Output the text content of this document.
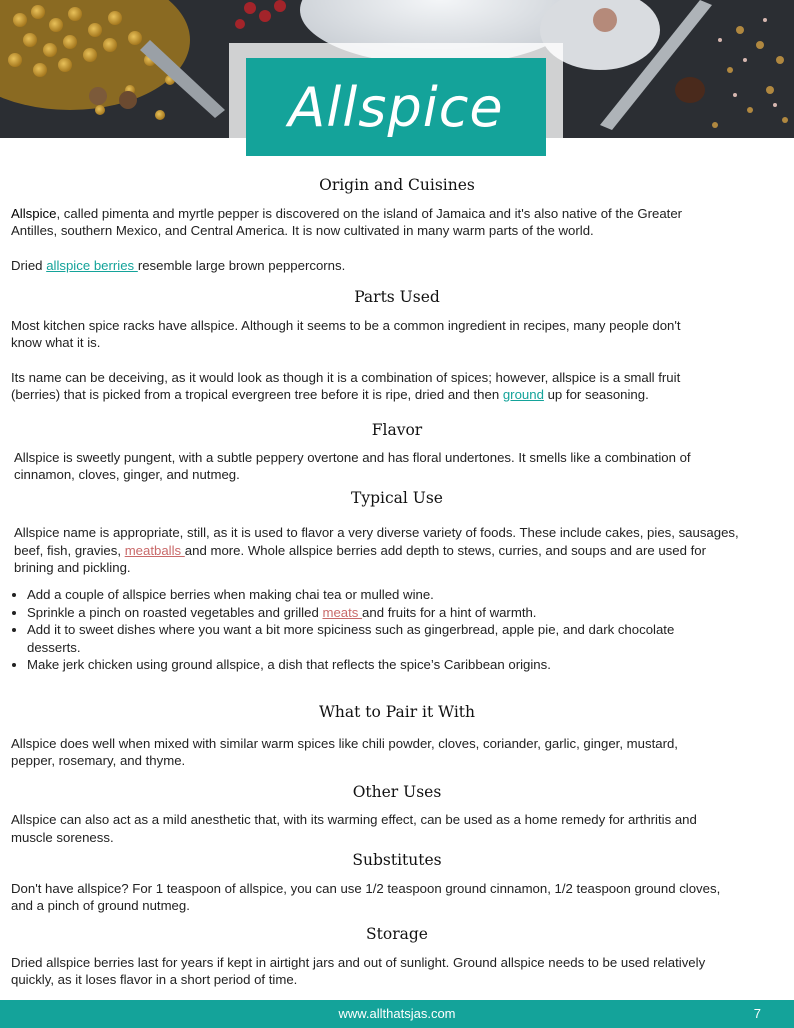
Allspice
Origin and Cuisines

Allspice, called pimenta and myrtle pepper is discovered on the island of Jamaica and it's also native of the Greater

Antilles, southern Mexico, and Central America. It is now cultivated in many warm parts of the world.

Dried allspice berries resemble large brown peppercorns.

Parts Used

Most kitchen spice racks have allspice. Although it seems to be a common ingredient in recipes, many people don't

know what it is.

Its name can be deceiving, as it would look as though it is a combination of spices; however, allspice is a small fruit

(berries) that is picked from a tropical evergreen tree before it is ripe, dried and then ground up for seasoning.

Flavor

Allspice is sweetly pungent, with a subtle peppery overtone and has floral undertones. It smells like a combination of

cinnamon, cloves, ginger, and nutmeg.

Typical Use

Allspice name is appropriate, still, as it is used to flavor a very diverse variety of foods. These include cakes, pies, sausages,

beef, fish, gravies, meatballs and more. Whole allspice berries add depth to stews, curries, and soups and are used for

brining and pickling.

• Add a couple of allspice berries when making chai tea or mulled wine.
• Sprinkle a pinch on roasted vegetables and grilled meats and fruits for a hint of warmth.
• Add it to sweet dishes where you want a bit more spiciness such as gingerbread, apple pie, and dark chocolate
desserts.
• Make jerk chicken using ground allspice, a dish that reflects the spice’s Caribbean origins.
What to Pair it With

Allspice does well when mixed with similar warm spices like chili powder, cloves, coriander, garlic, ginger, mustard,

pepper, rosemary, and thyme.

Other Uses

Allspice can also act as a mild anesthetic that, with its warming effect, can be used as a home remedy for arthritis and

muscle soreness.

Substitutes

Don't have allspice? For 1 teaspoon of allspice, you can use 1/2 teaspoon ground cinnamon, 1/2 teaspoon ground cloves,

and a pinch of ground nutmeg.

Storage

Dried allspice berries last for years if kept in airtight jars and out of sunlight. Ground allspice needs to be used relatively

quickly, as it loses flavor in a short period of time.

www.allthatsjas.com	7
